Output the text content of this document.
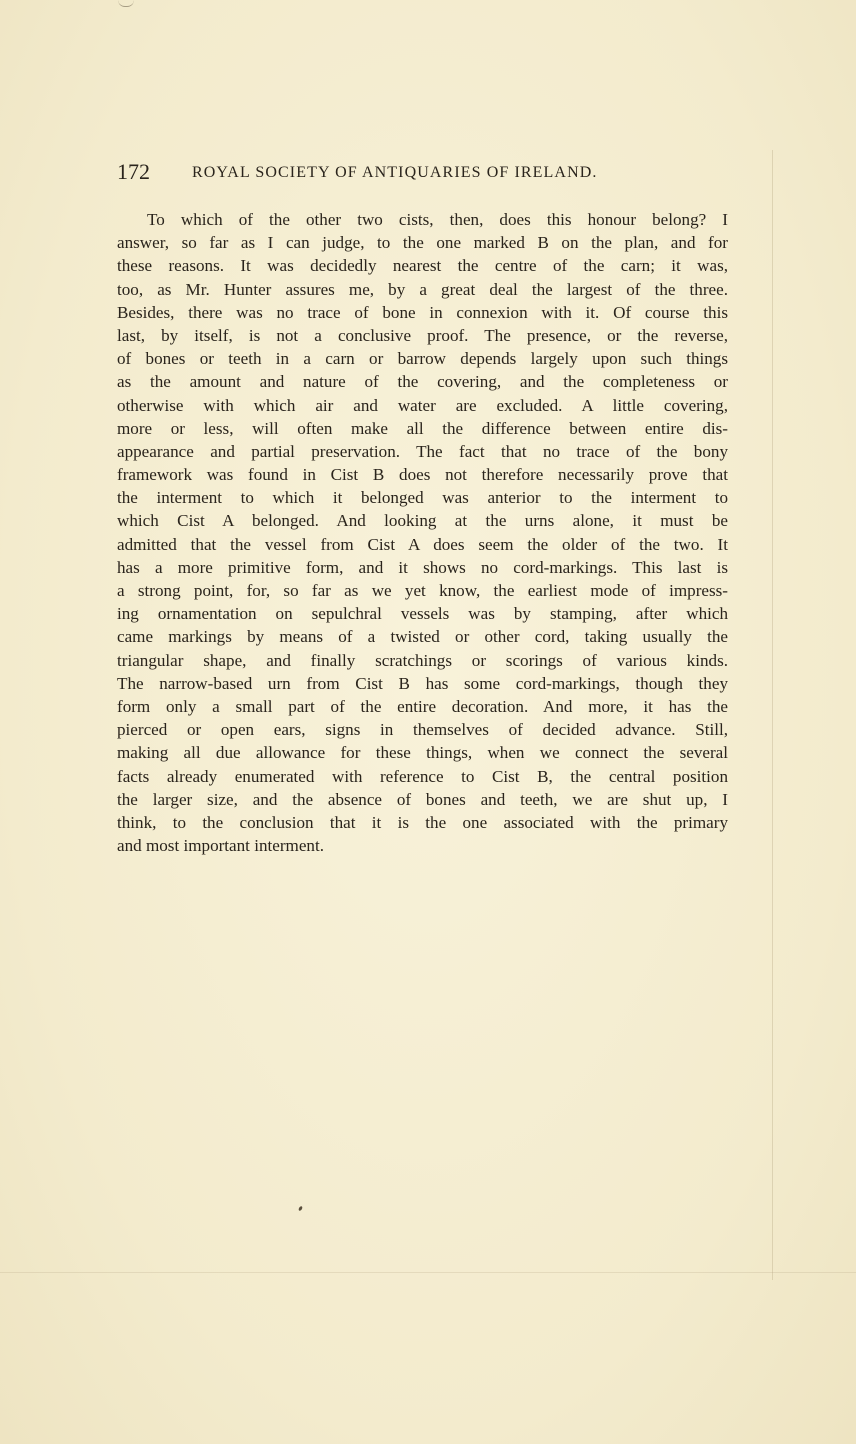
172	ROYAL SOCIETY OF ANTIQUARIES OF IRELAND.
To which of the other two cists, then, does this honour belong? I
answer, so far as I can judge, to the one marked B on the plan, and for
these reasons. It was decidedly nearest the centre of the carn; it was,
too, as Mr. Hunter assures me, by a great deal the largest of the three.
Besides, there was no trace of bone in connexion with it. Of course this
last, by itself, is not a conclusive proof. The presence, or the reverse,
of bones or teeth in a carn or barrow depends largely upon such things
as the amount and nature of the covering, and the completeness or
otherwise with which air and water are excluded. A little covering,
more or less, will often make all the difference between entire dis-
appearance and partial preservation. The fact that no trace of the bony
framework was found in Cist B does not therefore necessarily prove that
the interment to which it belonged was anterior to the interment to
which Cist A belonged. And looking at the urns alone, it must be
admitted that the vessel from Cist A does seem the older of the two. It
has a more primitive form, and it shows no cord-markings. This last is
a strong point, for, so far as we yet know, the earliest mode of impress-
ing ornamentation on sepulchral vessels was by stamping, after which
came markings by means of a twisted or other cord, taking usually the
triangular shape, and finally scratchings or scorings of various kinds.
The narrow-based urn from Cist B has some cord-markings, though they
form only a small part of the entire decoration. And more, it has the
pierced or open ears, signs in themselves of decided advance. Still,
making all due allowance for these things, when we connect the several
facts already enumerated with reference to Cist B, the central position
the larger size, and the absence of bones and teeth, we are shut up, I
think, to the conclusion that it is the one associated with the primary
and most important interment.
